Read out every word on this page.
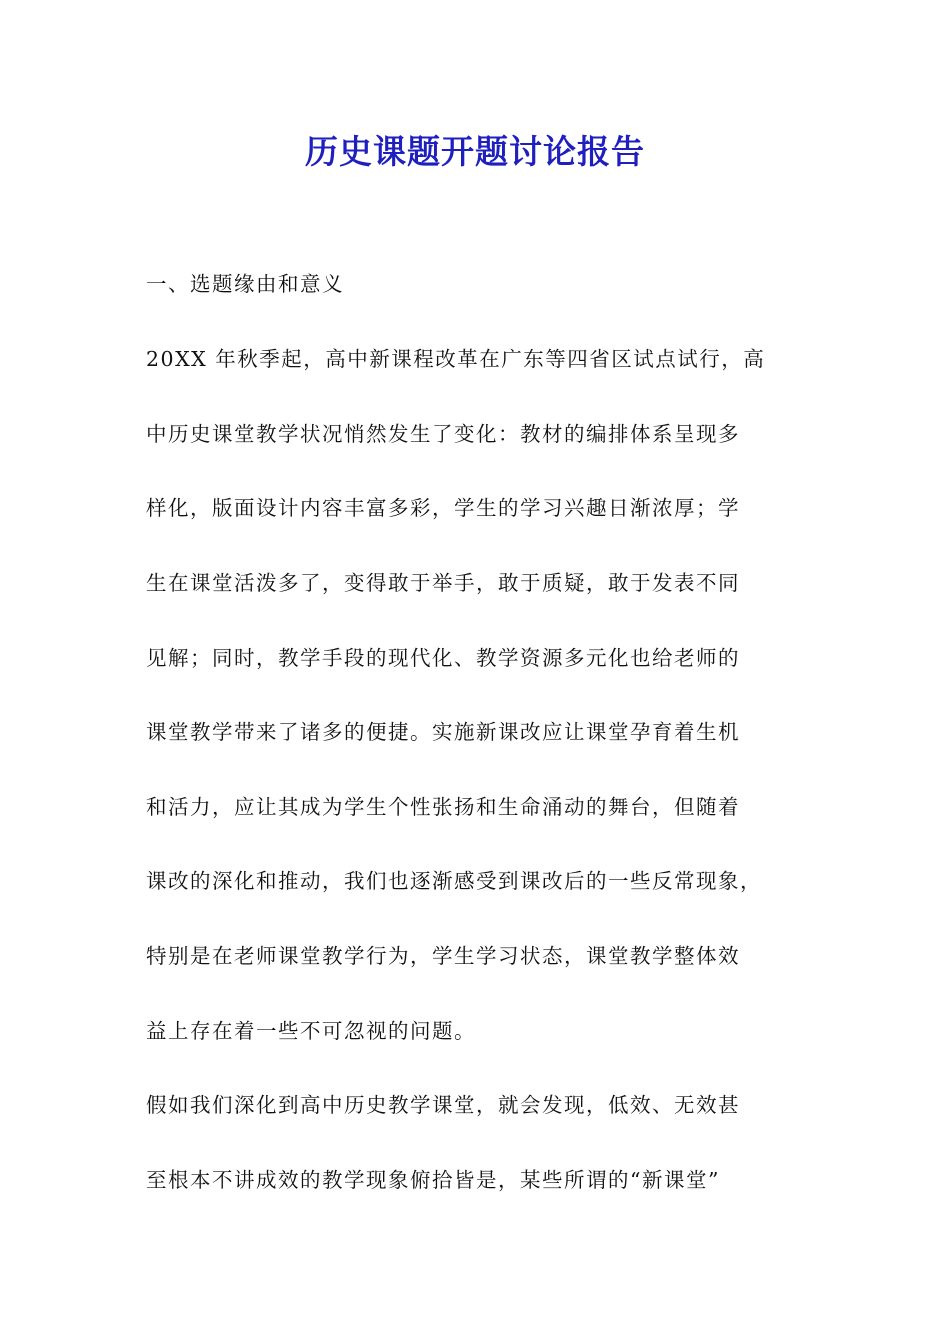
历史课题开题讨论报告
一、选题缘由和意义
20XX 年秋季起，高中新课程改革在广东等四省区试点试行，高
中历史课堂教学状况悄然发生了变化：教材的编排体系呈现多
样化，版面设计内容丰富多彩，学生的学习兴趣日渐浓厚；学
生在课堂活泼多了，变得敢于举手，敢于质疑，敢于发表不同
见解；同时，教学手段的现代化、教学资源多元化也给老师的
课堂教学带来了诸多的便捷。实施新课改应让课堂孕育着生机
和活力，应让其成为学生个性张扬和生命涌动的舞台，但随着
课改的深化和推动，我们也逐渐感受到课改后的一些反常现象，
特别是在老师课堂教学行为，学生学习状态，课堂教学整体效
益上存在着一些不可忽视的问题。
假如我们深化到高中历史教学课堂，就会发现，低效、无效甚
至根本不讲成效的教学现象俯拾皆是，某些所谓的“新课堂”
